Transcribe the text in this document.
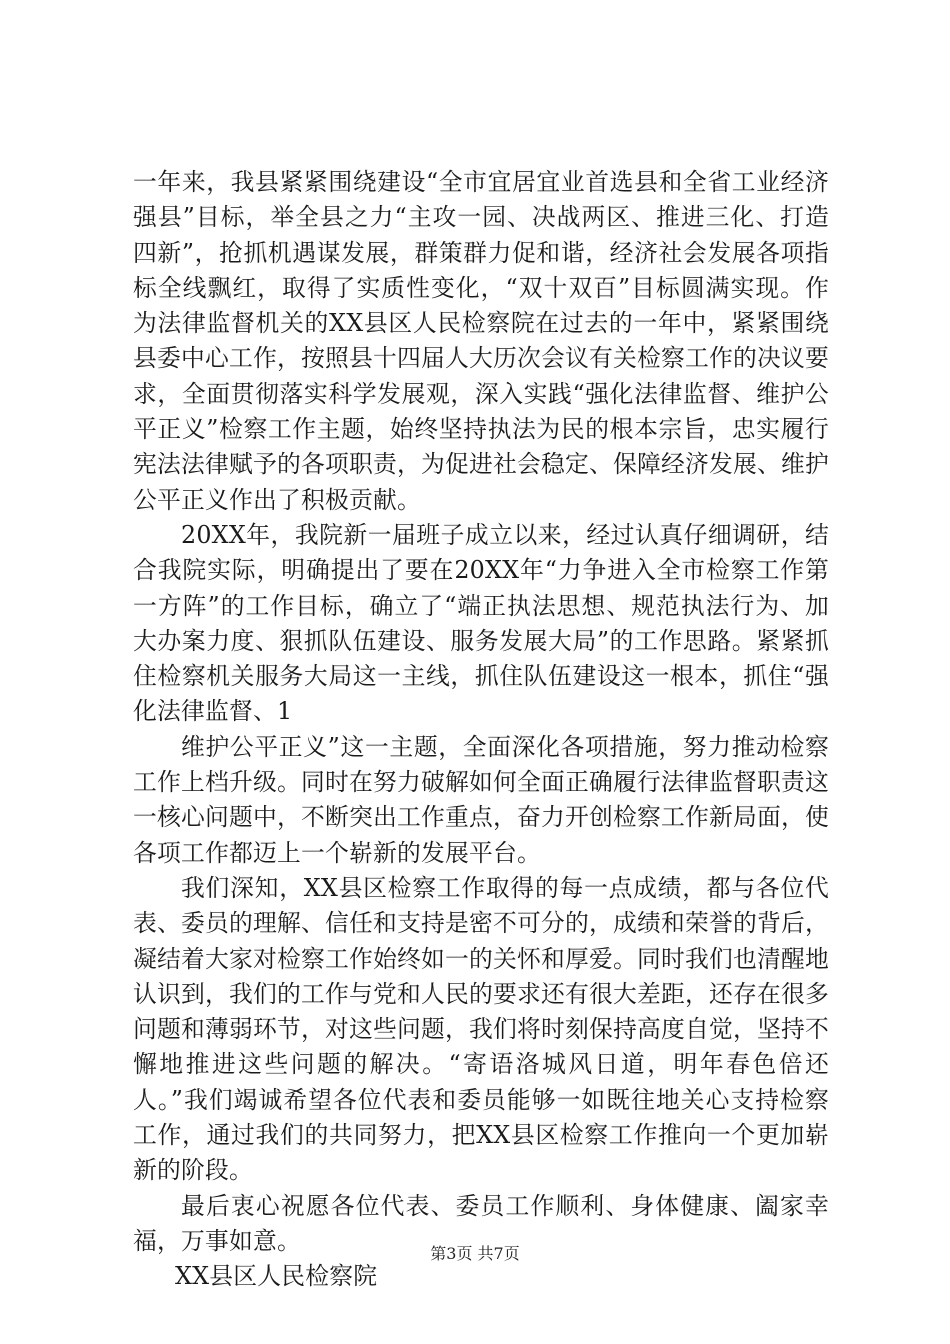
一年来，我县紧紧围绕建设“全市宜居宜业首选县和全省工业经济强县”目标，举全县之力“主攻一园、决战两区、推进三化、打造四新”，抢抓机遇谋发展，群策群力促和谐，经济社会发展各项指标全线飘红，取得了实质性变化，“双十双百”目标圆满实现。作为法律监督机关的XX县区人民检察院在过去的一年中，紧紧围绕县委中心工作，按照县十四届人大历次会议有关检察工作的决议要求，全面贯彻落实科学发展观，深入实践“强化法律监督、维护公平正义”检察工作主题，始终坚持执法为民的根本宗旨，忠实履行宪法法律赋予的各项职责，为促进社会稳定、保障经济发展、维护公平正义作出了积极贡献。

20XX年，我院新一届班子成立以来，经过认真仔细调研，结合我院实际，明确提出了要在20XX年“力争进入全市检察工作第一方阵”的工作目标，确立了“端正执法思想、规范执法行为、加大办案力度、狠抓队伍建设、服务发展大局”的工作思路。紧紧抓住检察机关服务大局这一主线，抓住队伍建设这一根本，抓住“强化法律监督、1

维护公平正义”这一主题，全面深化各项措施，努力推动检察工作上档升级。同时在努力破解如何全面正确履行法律监督职责这一核心问题中，不断突出工作重点，奋力开创检察工作新局面，使各项工作都迈上一个崭新的发展平台。

我们深知，XX县区检察工作取得的每一点成绩，都与各位代表、委员的理解、信任和支持是密不可分的，成绩和荣誉的背后，凝结着大家对检察工作始终如一的关怀和厚爱。同时我们也清醒地认识到，我们的工作与党和人民的要求还有很大差距，还存在很多问题和薄弱环节，对这些问题，我们将时刻保持高度自觉，坚持不懈地推进这些问题的解决。“寄语洛城风日道，明年春色倍还人。”我们竭诚希望各位代表和委员能够一如既往地关心支持检察工作，通过我们的共同努力，把XX县区检察工作推向一个更加崭新的阶段。

最后衷心祝愿各位代表、委员工作顺利、身体健康、阖家幸福，万事如意。

XX县区人民检察院

第3页 共7页
